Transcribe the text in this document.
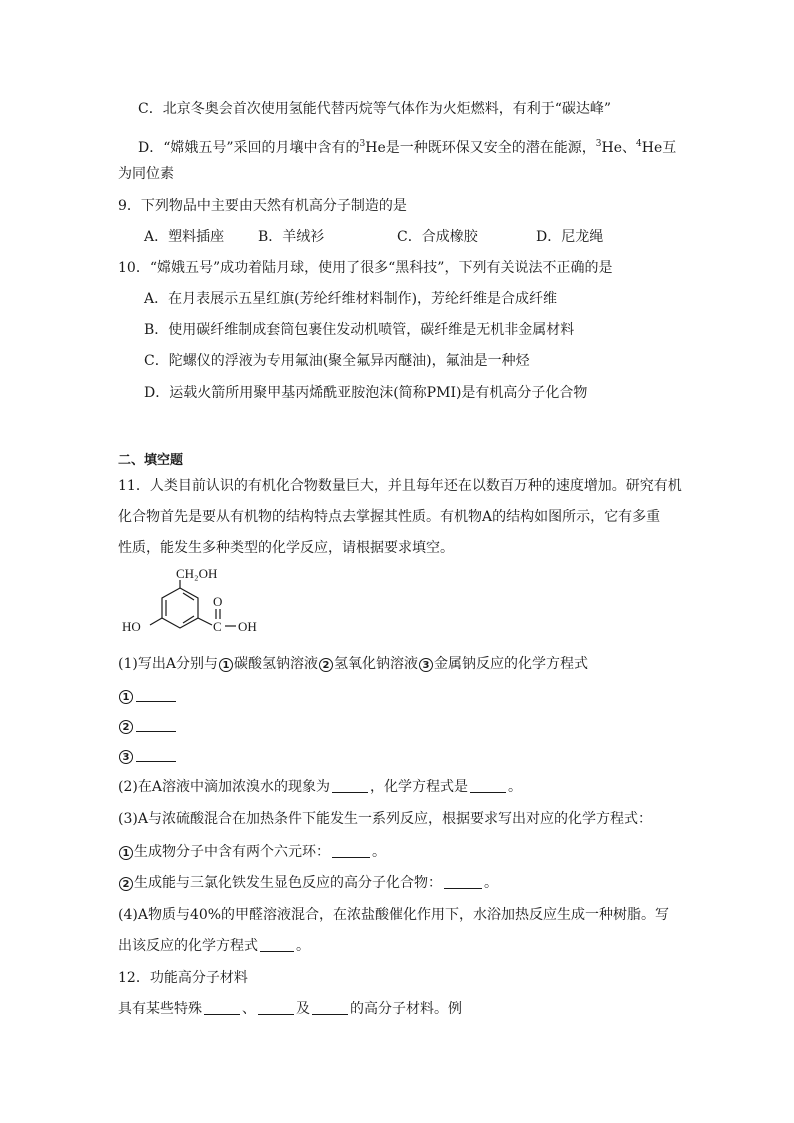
C．北京冬奥会首次使用氢能代替丙烷等气体作为火炬燃料，有利于“碳达峰”
D．“嫦娥五号”采回的月壤中含有的$^3$He是一种既环保又安全的潜在能源，$^3$He、$^4$He互
为同位素
9．下列物品中主要由天然有机高分子制造的是
A．塑料插座 B．羊绒衫	C．合成橡胶	D．尼龙绳
10．“嫦娥五号”成功着陆月球，使用了很多“黑科技”，下列有关说法不正确的是
A．在月表展示五星红旗(芳纶纤维材料制作)，芳纶纤维是合成纤维
B．使用碳纤维制成套筒包裹住发动机喷管，碳纤维是无机非金属材料
C．陀螺仪的浮液为专用氟油(聚全氟异丙醚油)，氟油是一种烃
D．运载火箭所用聚甲基丙烯酰亚胺泡沫(简称PMI)是有机高分子化合物
二、填空题
11．人类目前认识的有机化合物数量巨大，并且每年还在以数百万种的速度增加。研究有机
化合物首先是要从有机物的结构特点去掌握其性质。有机物A的结构如图所示，它有多重
性质，能发生多种类型的化学反应，请根据要求填空。
CH₂OH
O
HO	C OH
(1)写出A分别与 1 碳酸氢钠溶液 2 氢氧化钠溶液 3 金属钠反应的化学方程式
1
2
3
(2)在A溶液中滴加浓溴水的现象为	，化学方程式是	。
(3)A与浓硫酸混合在加热条件下能发生一系列反应，根据要求写出对应的化学方程式：
1 生成物分子中含有两个六元环：	。
2 生成能与三氯化铁发生显色反应的高分子化合物：	。
(4)A物质与40%的甲醛溶液混合，在浓盐酸催化作用下，水浴加热反应生成一种树脂。写
出该反应的化学方程式	。
12．功能高分子材料
具有某些特殊	、	及	的高分子材料。例
